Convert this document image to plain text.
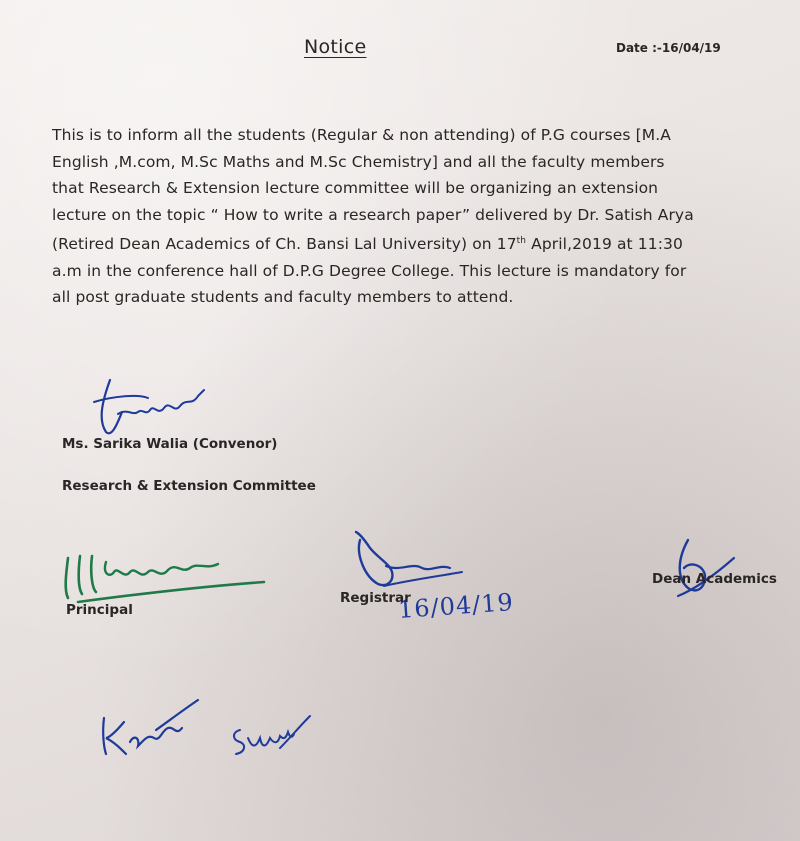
Notice	Date :-16/04/19
This is to inform all the students (Regular & non attending) of P.G courses [M.A
English ,M.com, M.Sc Maths and M.Sc Chemistry] and all the faculty members
that Research & Extension lecture committee will be organizing an extension
lecture on the topic “ How to write a research paper” delivered by Dr. Satish Arya
(Retired Dean Academics of Ch. Bansi Lal University) on 17th April,2019 at 11:30
a.m in the conference hall of D.P.G Degree College. This lecture is mandatory for
all post graduate students and faculty members to attend.
Ms. Sarika Walia (Convenor)
Research & Extension Committee
Principal	16/04/19
Registrar
Dean Academics
